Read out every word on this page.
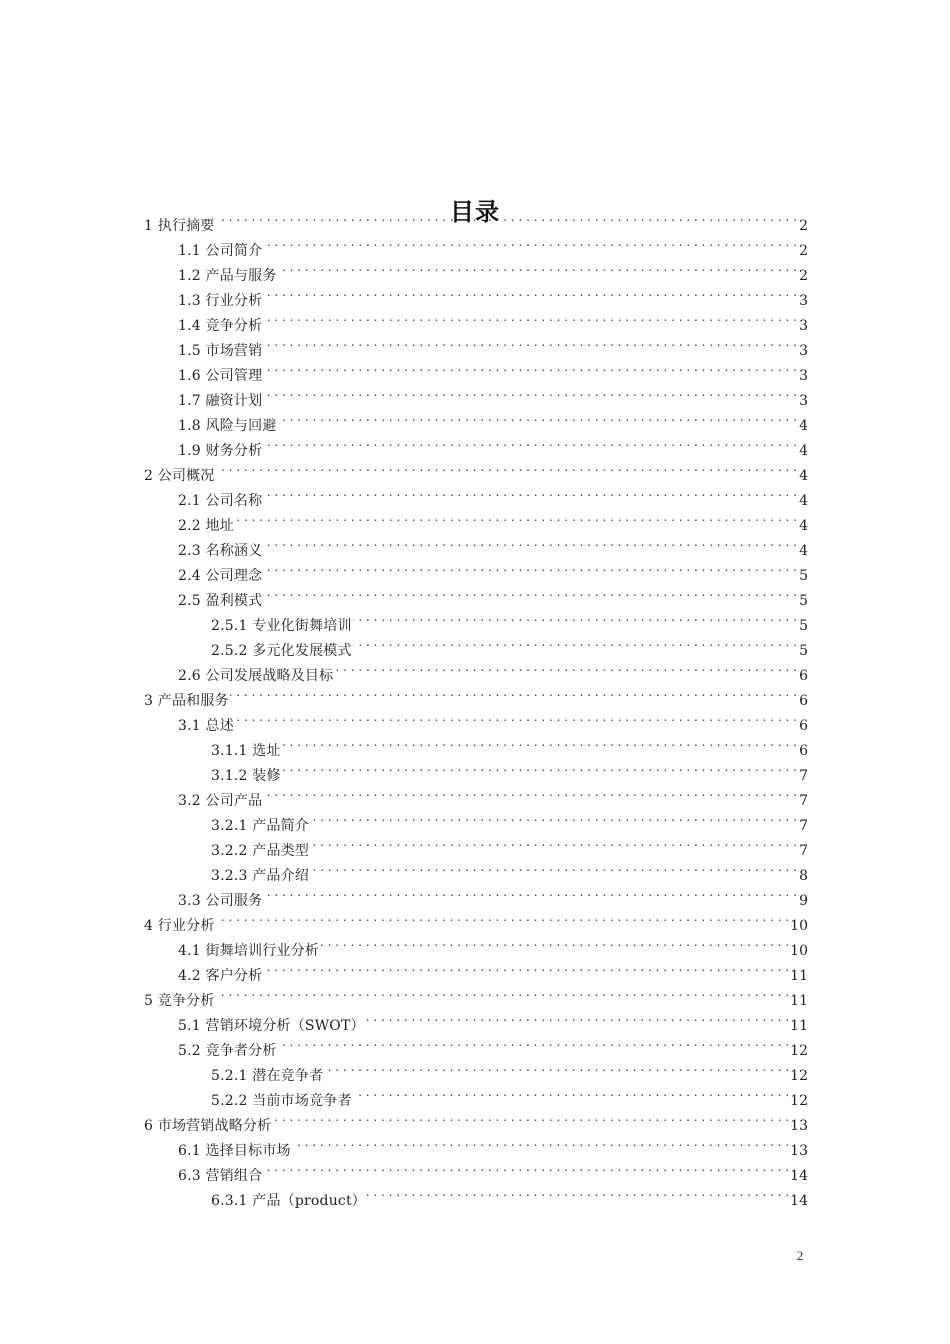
目录
1 执行摘要 . . .	2
1.1 公司简介 . . .	2
1.2 产品与服务 . . .	2
1.3 行业分析 . . .	3
1.4 竞争分析 . . .	3
1.5 市场营销 . . .	3
1.6 公司管理 . . .	3
1.7 融资计划 . . .	3
1.8 风险与回避 . . .	4
1.9 财务分析 . . .	4
2 公司概况 . . .	4
2.1 公司名称 . . .	4
2.2 地址 . . .	4
2.3 名称涵义 . . .	4
2.4 公司理念 . . .	5
2.5 盈利模式 . . .	5
2.5.1 专业化街舞培训 . . .	5
2.5.2 多元化发展模式 . . .	5
2.6 公司发展战略及目标 . . .	6
3 产品和服务 . . .	6
3.1 总述 . . .	6
3.1.1 选址 . . .	6
3.1.2 装修 . . .	7
3.2 公司产品 . . .	7
3.2.1 产品简介 . . .	7
3.2.2 产品类型 . . .	7
3.2.3 产品介绍 . . .	8
3.3 公司服务 . . .	9
4 行业分析 . . .	10
4.1 街舞培训行业分析 . . .	10
4.2 客户分析 . . .	11
5 竞争分析 . . .	11
5.1 营销环境分析（SWOT） . . .	11
5.2 竞争者分析 . . .	12
5.2.1 潜在竞争者 . . .	12
5.2.2 当前市场竞争者 . . .	12
6 市场营销战略分析 . . .	13
6.1 选择目标市场 . . .	13
6.3 营销组合 . . .	14
6.3.1 产品（product） . . .	14
2
